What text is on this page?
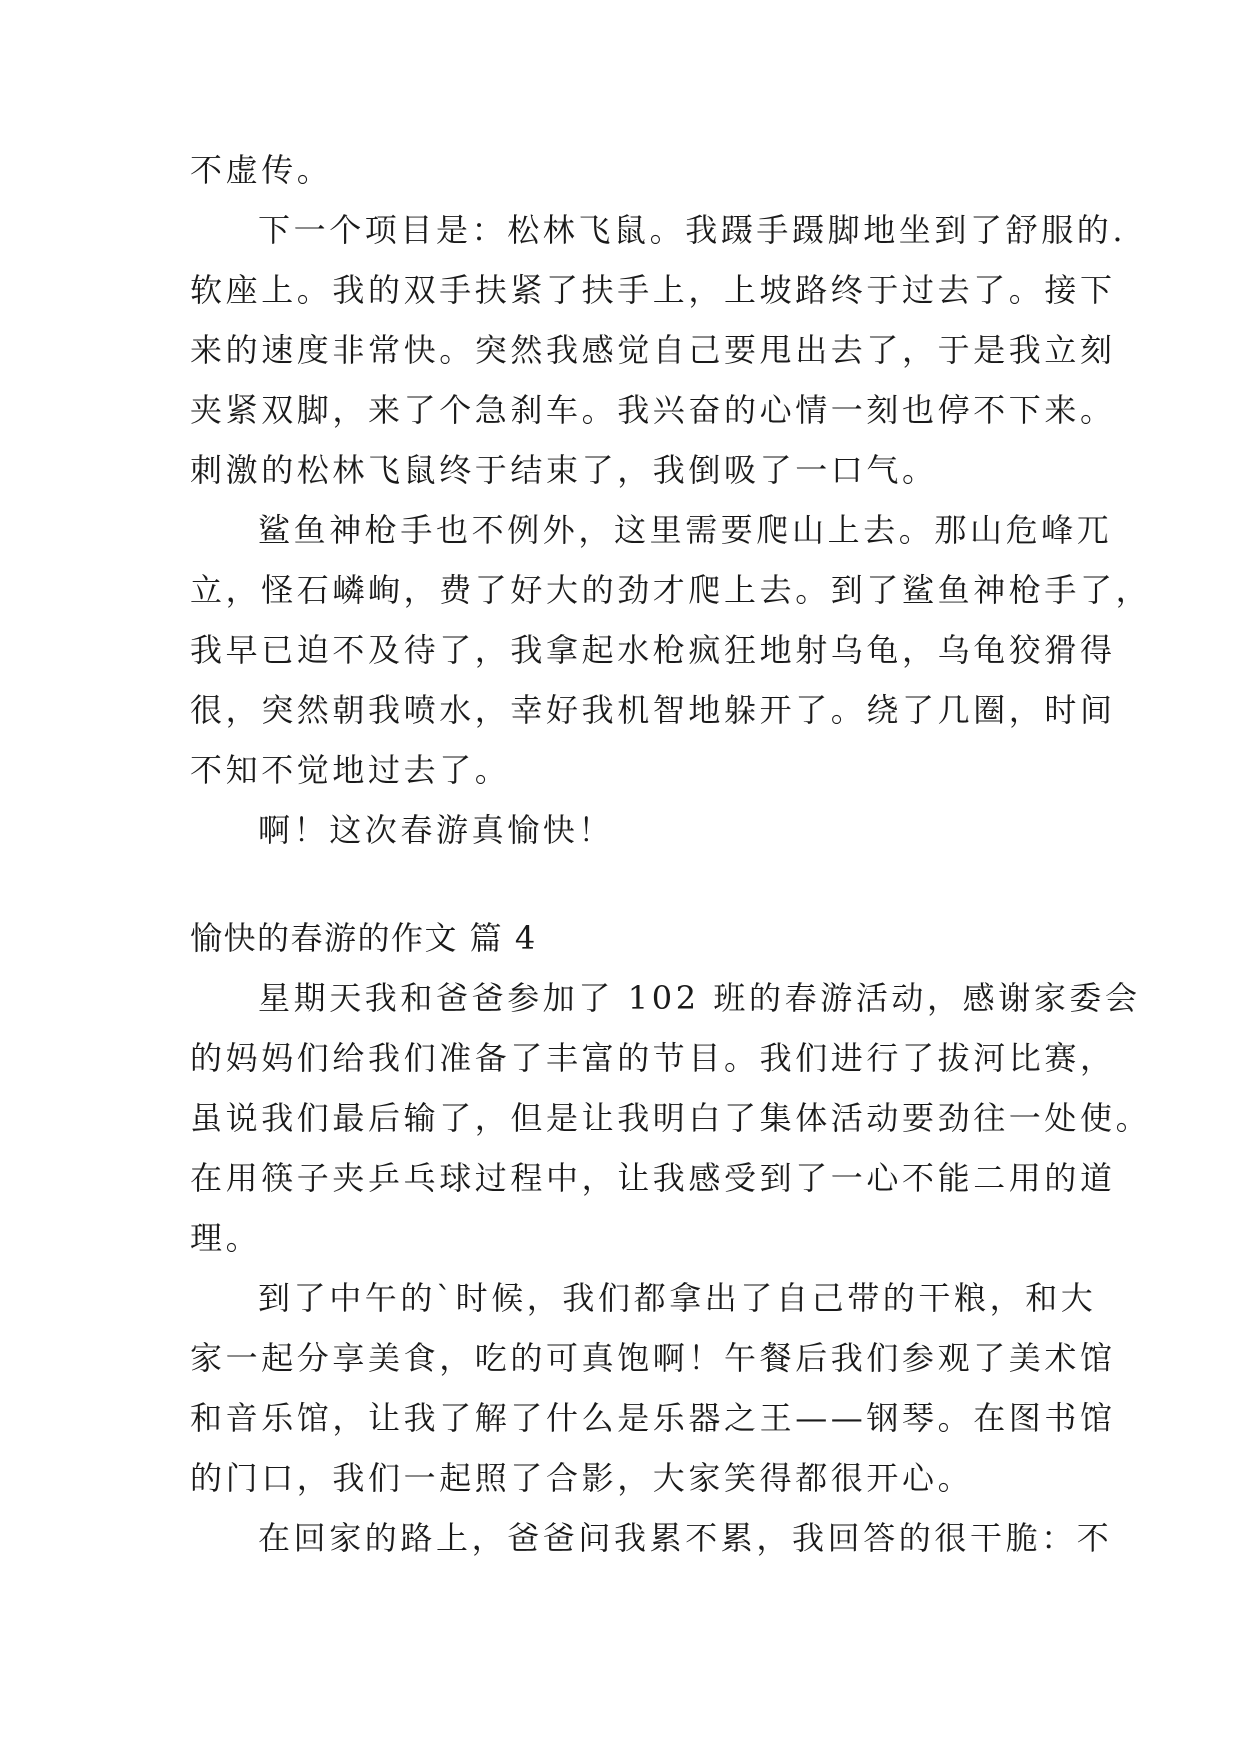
不虚传。
下一个项目是：松林飞鼠。我蹑手蹑脚地坐到了舒服的.
软座上。我的双手扶紧了扶手上，上坡路终于过去了。接下
来的速度非常快。突然我感觉自己要甩出去了，于是我立刻
夹紧双脚，来了个急刹车。我兴奋的心情一刻也停不下来。
刺激的松林飞鼠终于结束了，我倒吸了一口气。
鲨鱼神枪手也不例外，这里需要爬山上去。那山危峰兀
立，怪石嶙峋，费了好大的劲才爬上去。到了鲨鱼神枪手了，
我早已迫不及待了，我拿起水枪疯狂地射乌龟，乌龟狡猾得
很，突然朝我喷水，幸好我机智地躲开了。绕了几圈，时间
不知不觉地过去了。
啊！这次春游真愉快！
愉快的春游的作文 篇 4
星期天我和爸爸参加了 102 班的春游活动，感谢家委会
的妈妈们给我们准备了丰富的节目。我们进行了拔河比赛，
虽说我们最后输了，但是让我明白了集体活动要劲往一处使。
在用筷子夹乒乓球过程中，让我感受到了一心不能二用的道
理。
到了中午的`时候，我们都拿出了自己带的干粮，和大
家一起分享美食，吃的可真饱啊！午餐后我们参观了美术馆
和音乐馆，让我了解了什么是乐器之王——钢琴。在图书馆
的门口，我们一起照了合影，大家笑得都很开心。
在回家的路上，爸爸问我累不累，我回答的很干脆：不
